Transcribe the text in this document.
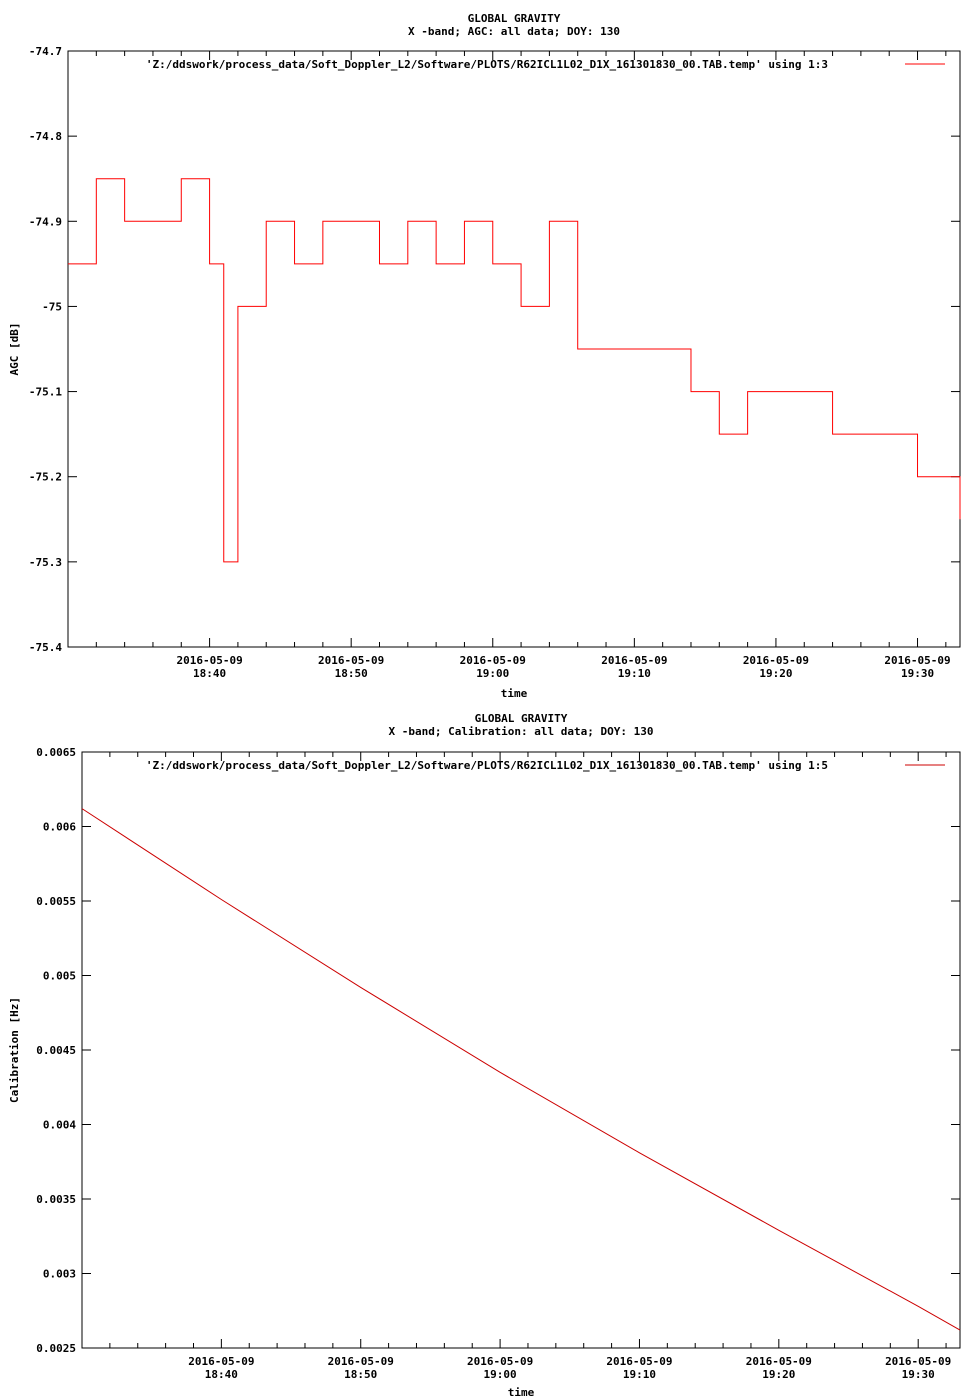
GLOBAL GRAVITY
X -band; AGC: all data; DOY: 130
-74.7
-74.8
-74.9
-75
-75.1
-75.2
-75.3
-75.4
2016-05-09
18:40
2016-05-09
18:50
2016-05-09
19:00
2016-05-09
19:10
2016-05-09
19:20
2016-05-09
19:30
time
AGC [dB]
'Z:/ddswork/process_data/Soft_Doppler_L2/Software/PLOTS/R62ICL1L02_D1X_161301830_00.TAB.temp' using 1:3
GLOBAL GRAVITY
X -band; Calibration: all data; DOY: 130
0.0065
0.006
0.0055
0.005
0.0045
0.004
0.0035
0.003
0.0025
2016-05-09
18:40
2016-05-09
18:50
2016-05-09
19:00
2016-05-09
19:10
2016-05-09
19:20
2016-05-09
19:30
time
Calibration [Hz]
'Z:/ddswork/process_data/Soft_Doppler_L2/Software/PLOTS/R62ICL1L02_D1X_161301830_00.TAB.temp' using 1:5
